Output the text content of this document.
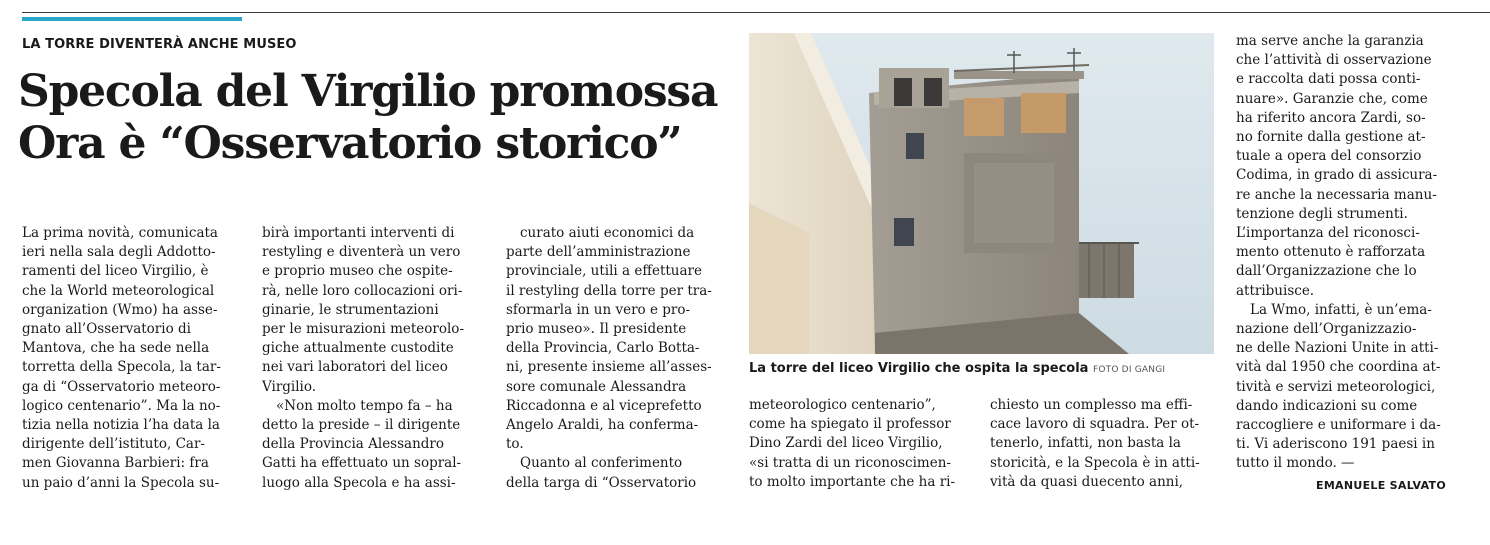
LA TORRE DIVENTERÀ ANCHE MUSEO
Specola del Virgilio promossa
Ora è “Osservatorio storico”
La prima novità, comunicata
ieri nella sala degli Addotto-
ramenti del liceo Virgilio, è
che la World meteorological
organization (Wmo) ha asse-
gnato all’Osservatorio di
Mantova, che ha sede nella
torretta della Specola, la tar-
ga di “Osservatorio meteoro-
logico centenario”. Ma la no-
tizia nella notizia l’ha data la
dirigente dell’istituto, Car-
men Giovanna Barbieri: fra
un paio d’anni la Specola su-
birà importanti interventi di
restyling e diventerà un vero
e proprio museo che ospite-
rà, nelle loro collocazioni ori-
ginarie, le strumentazioni
per le misurazioni meteorolo-
giche attualmente custodite
nei vari laboratori del liceo
Virgilio.
«Non molto tempo fa – ha
detto la preside – il dirigente
della Provincia Alessandro
Gatti ha effettuato un sopral-
luogo alla Specola e ha assi-
curato aiuti economici da
parte dell’amministrazione
provinciale, utili a effettuare
il restyling della torre per tra-
sformarla in un vero e pro-
prio museo». Il presidente
della Provincia, Carlo Botta-
ni, presente insieme all’asses-
sore comunale Alessandra
Riccadonna e al viceprefetto
Angelo Araldi, ha conferma-
to.
Quanto al conferimento
della targa di “Osservatorio
La torre del liceo Virgilio che ospita la specola FOTO DI GANGI
meteorologico centenario”,
come ha spiegato il professor
Dino Zardi del liceo Virgilio,
«si tratta di un riconoscimen-
to molto importante che ha ri-
chiesto un complesso ma effi-
cace lavoro di squadra. Per ot-
tenerlo, infatti, non basta la
storicità, e la Specola è in atti-
vità da quasi duecento anni,
ma serve anche la garanzia
che l’attività di osservazione
e raccolta dati possa conti-
nuare». Garanzie che, come
ha riferito ancora Zardi, so-
no fornite dalla gestione at-
tuale a opera del consorzio
Codima, in grado di assicura-
re anche la necessaria manu-
tenzione degli strumenti.
L’importanza del riconosci-
mento ottenuto è rafforzata
dall’Organizzazione che lo
attribuisce.
La Wmo, infatti, è un’ema-
nazione dell’Organizzazio-
ne delle Nazioni Unite in atti-
vità dal 1950 che coordina at-
tività e servizi meteorologici,
dando indicazioni su come
raccogliere e uniformare i da-
ti. Vi aderiscono 191 paesi in
tutto il mondo. —
EMANUELE SALVATO
